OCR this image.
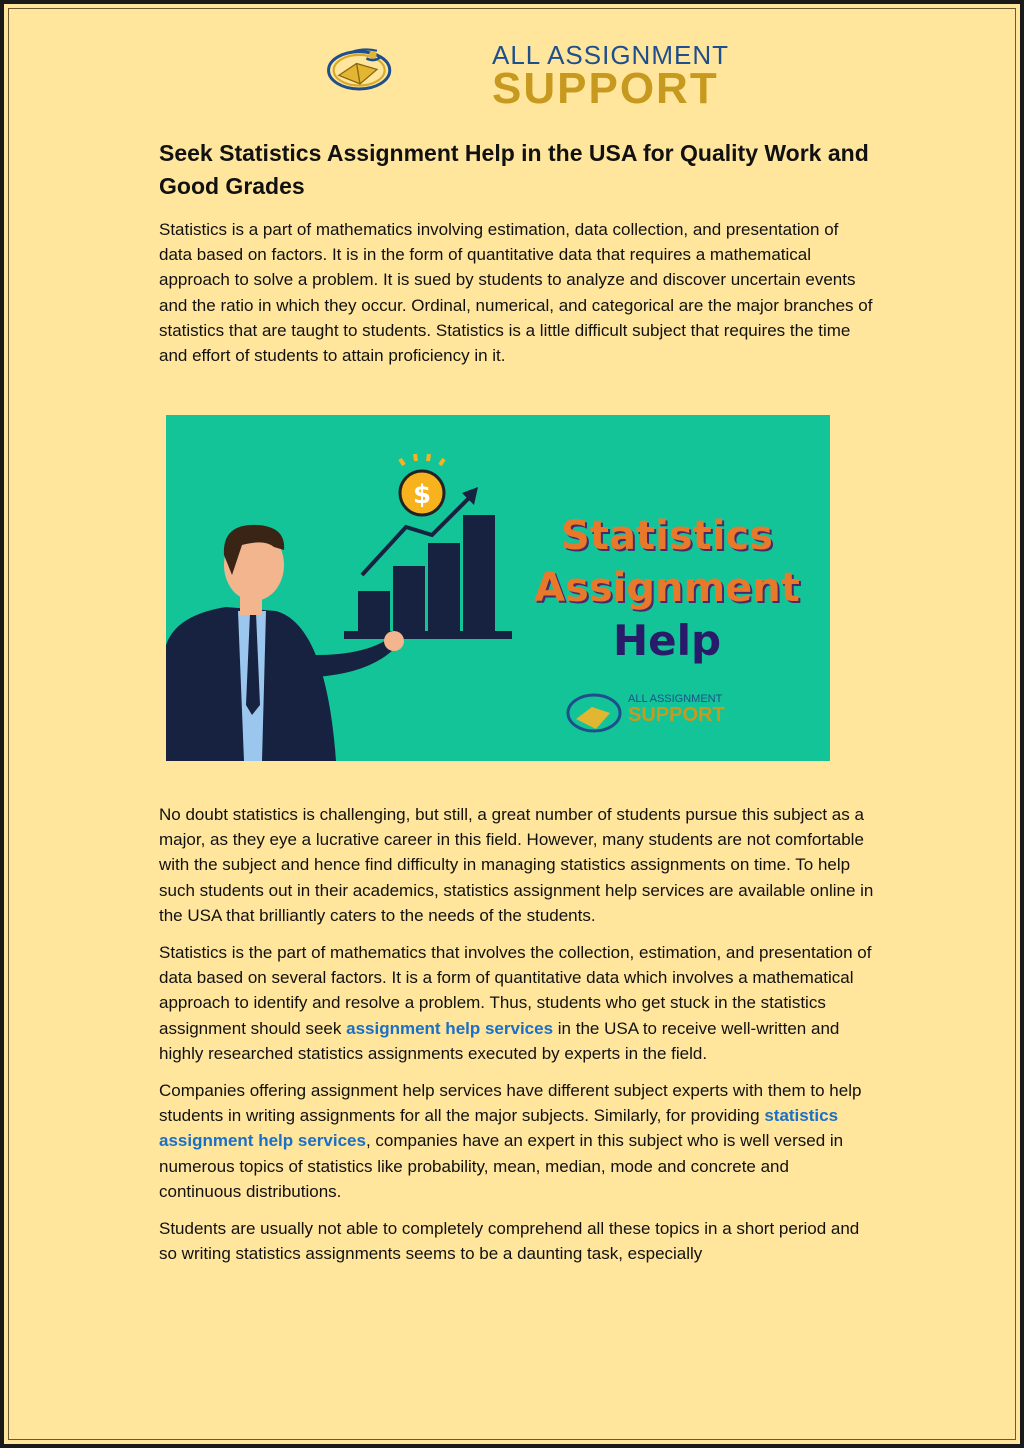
ALL ASSIGNMENT
SUPPORT
Seek Statistics Assignment Help in the USA for Quality Work and Good Grades

Statistics is a part of mathematics involving estimation, data collection, and presentation of data based on factors. It is in the form of quantitative data that requires a mathematical approach to solve a problem. It is sued by students to analyze and discover uncertain events and the ratio in which they occur. Ordinal, numerical, and categorical are the major branches of statistics that are taught to students. Statistics is a little difficult subject that requires the time and effort of students to attain proficiency in it.

$
Statistics
Assignment
Help
ALL ASSIGNMENT
SUPPORT

No doubt statistics is challenging, but still, a great number of students pursue this subject as a major, as they eye a lucrative career in this field. However, many students are not comfortable with the subject and hence find difficulty in managing statistics assignments on time. To help such students out in their academics, statistics assignment help services are available online in the USA that brilliantly caters to the needs of the students.

Statistics is the part of mathematics that involves the collection, estimation, and presentation of data based on several factors. It is a form of quantitative data which involves a mathematical approach to identify and resolve a problem. Thus, students who get stuck in the statistics assignment should seek assignment help services in the USA to receive well-written and highly researched statistics assignments executed by experts in the field.

Companies offering assignment help services have different subject experts with them to help students in writing assignments for all the major subjects. Similarly, for providing statistics assignment help services, companies have an expert in this subject who is well versed in numerous topics of statistics like probability, mean, median, mode and concrete and continuous distributions.

Students are usually not able to completely comprehend all these topics in a short period and so writing statistics assignments seems to be a daunting task, especially
